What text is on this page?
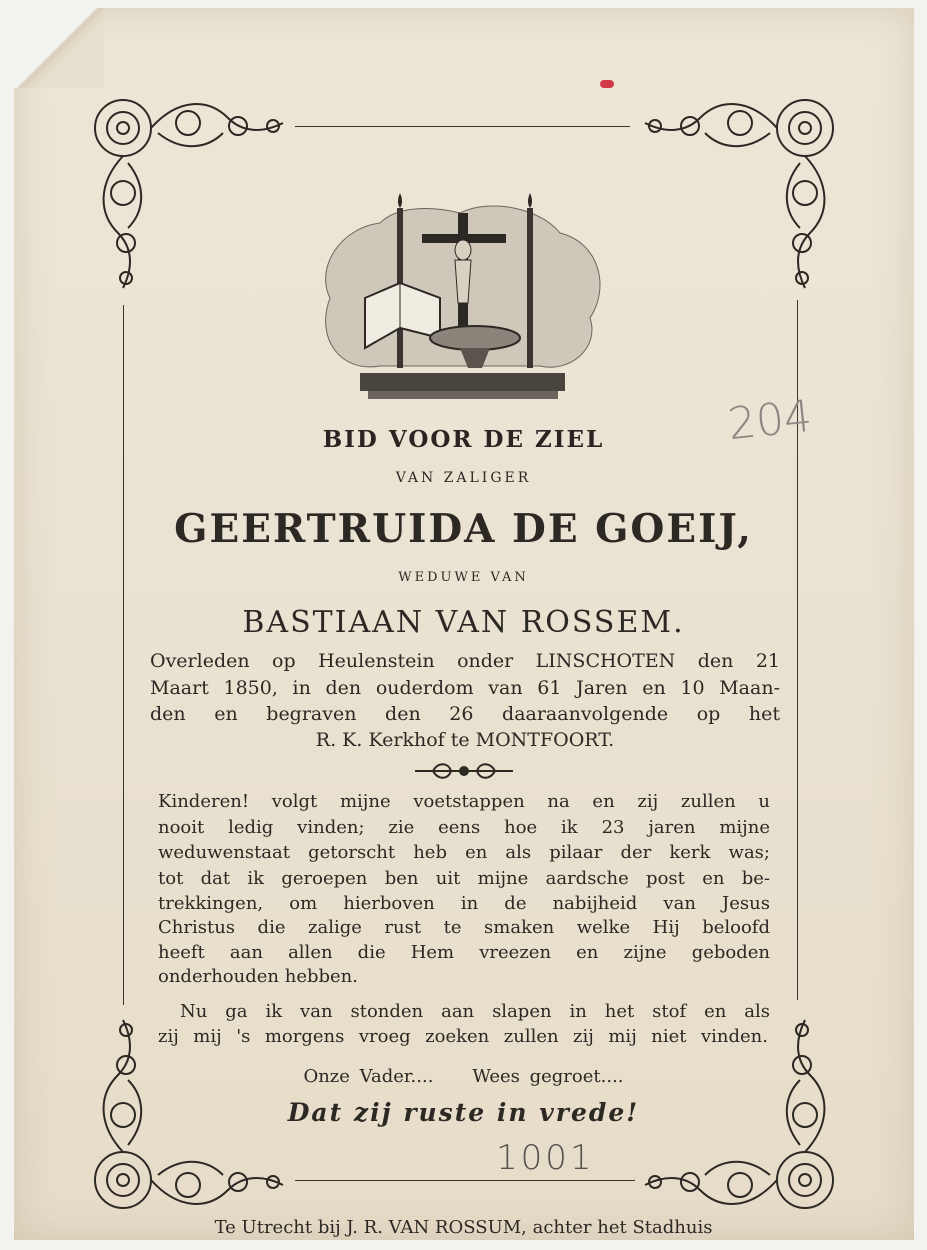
BID VOOR DE ZIEL
VAN ZALIGER
GEERTRUIDA DE GOEIJ,
WEDUWE VAN
BASTIAAN VAN ROSSEM.
Overleden op Heulenstein onder LINSCHOTEN den 21
Maart 1850, in den ouderdom van 61 Jaren en 10 Maan-
den en begraven den 26 daaraanvolgende op het
R. K. Kerkhof te MONTFOORT.
Kinderen! volgt mijne voetstappen na en zij zullen u
nooit ledig vinden; zie eens hoe ik 23 jaren mijne
weduwenstaat getorscht heb en als pilaar der kerk was;
tot dat ik geroepen ben uit mijne aardsche post en be-
trekkingen, om hierboven in de nabijheid van Jesus
Christus die zalige rust te smaken welke Hij beloofd
heeft aan allen die Hem vreezen en zijne geboden
onderhouden hebben.
Nu ga ik van stonden aan slapen in het stof en als
zij mij 's morgens vroeg zoeken zullen zij mij niet vinden.
Onze Vader....    Wees gegroet....
Dat zij ruste in vrede!
204
1001
Te Utrecht bij J. R. VAN ROSSUM, achter het Stadhuis
